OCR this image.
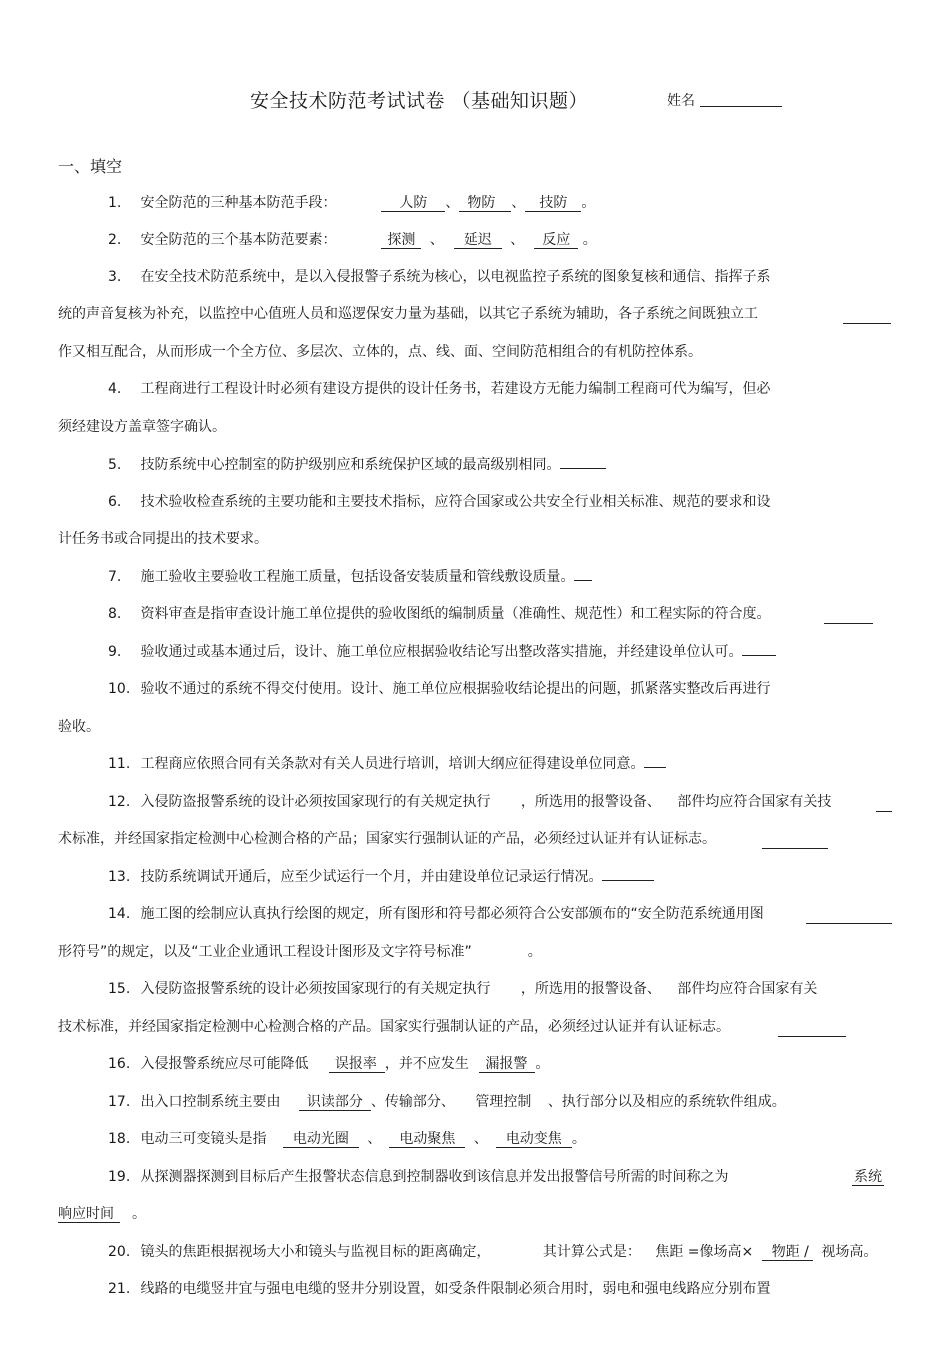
安全技术防范考试试卷 （基础知识题）	姓名
一、填空
1. 安全防范的三种基本防范手段：	人防 、 物防 、 技防 。
2. 安全防范的三个基本防范要素：	探测 、 延迟 、 反应 。
3. 在安全技术防范系统中，是以入侵报警子系统为核心，以电视监控子系统的图象复核和通信、指挥子系
统的声音复核为补充，以监控中心值班人员和巡逻保安力量为基础，以其它子系统为辅助，各子系统之间既独立工
作又相互配合，从而形成一个全方位、多层次、立体的，点、线、面、空间防范相组合的有机防控体系。
4. 工程商进行工程设计时必须有建设方提供的设计任务书，若建设方无能力编制工程商可代为编写，但必
须经建设方盖章签字确认。
5. 技防系统中心控制室的防护级别应和系统保护区域的最高级别相同。
6. 技术验收检查系统的主要功能和主要技术指标，应符合国家或公共安全行业相关标准、规范的要求和设
计任务书或合同提出的技术要求。
7. 施工验收主要验收工程施工质量，包括设备安装质量和管线敷设质量。
8. 资料审查是指审查设计施工单位提供的验收图纸的编制质量（准确性、规范性）和工程实际的符合度。
9. 验收通过或基本通过后，设计、施工单位应根据验收结论写出整改落实措施，并经建设单位认可。
10. 验收不通过的系统不得交付使用。设计、施工单位应根据验收结论提出的问题，抓紧落实整改后再进行
验收。
11. 工程商应依照合同有关条款对有关人员进行培训，培训大纲应征得建设单位同意。
12. 入侵防盗报警系统的设计必须按国家现行的有关规定执行 ，所选用的报警设备、 部件均应符合国家有关技
术标准，并经国家指定检测中心检测合格的产品；国家实行强制认证的产品，必须经过认证并有认证标志。
13. 技防系统调试开通后，应至少试运行一个月，并由建设单位记录运行情况。
14. 施工图的绘制应认真执行绘图的规定，所有图形和符号都必须符合公安部颁布的“安全防范系统通用图
形符号”的规定，以及“工业企业通讯工程设计图形及文字符号标准”	。
15. 入侵防盗报警系统的设计必须按国家现行的有关规定执行 ，所选用的报警设备、 部件均应符合国家有关
技术标准，并经国家指定检测中心检测合格的产品。国家实行强制认证的产品，必须经过认证并有认证标志。
16. 入侵报警系统应尽可能降低 误报率 ，并不应发生 漏报警 。
17. 出入口控制系统主要由 识读部分 、传输部分、 管理控制 、执行部分以及相应的系统软件组成。
18. 电动三可变镜头是指 电动光圈 、 电动聚焦 、 电动变焦 。
19. 从探测器探测到目标后产生报警状态信息到控制器收到该信息并发出报警信号所需的时间称之为	系统
响应时间 。
20. 镜头的焦距根据视场大小和镜头与监视目标的距离确定，	其计算公式是： 焦距 =像场高× 物距 / 视场高。
21. 线路的电缆竖井宜与强电电缆的竖井分别设置，如受条件限制必须合用时，弱电和强电线路应分别布置
